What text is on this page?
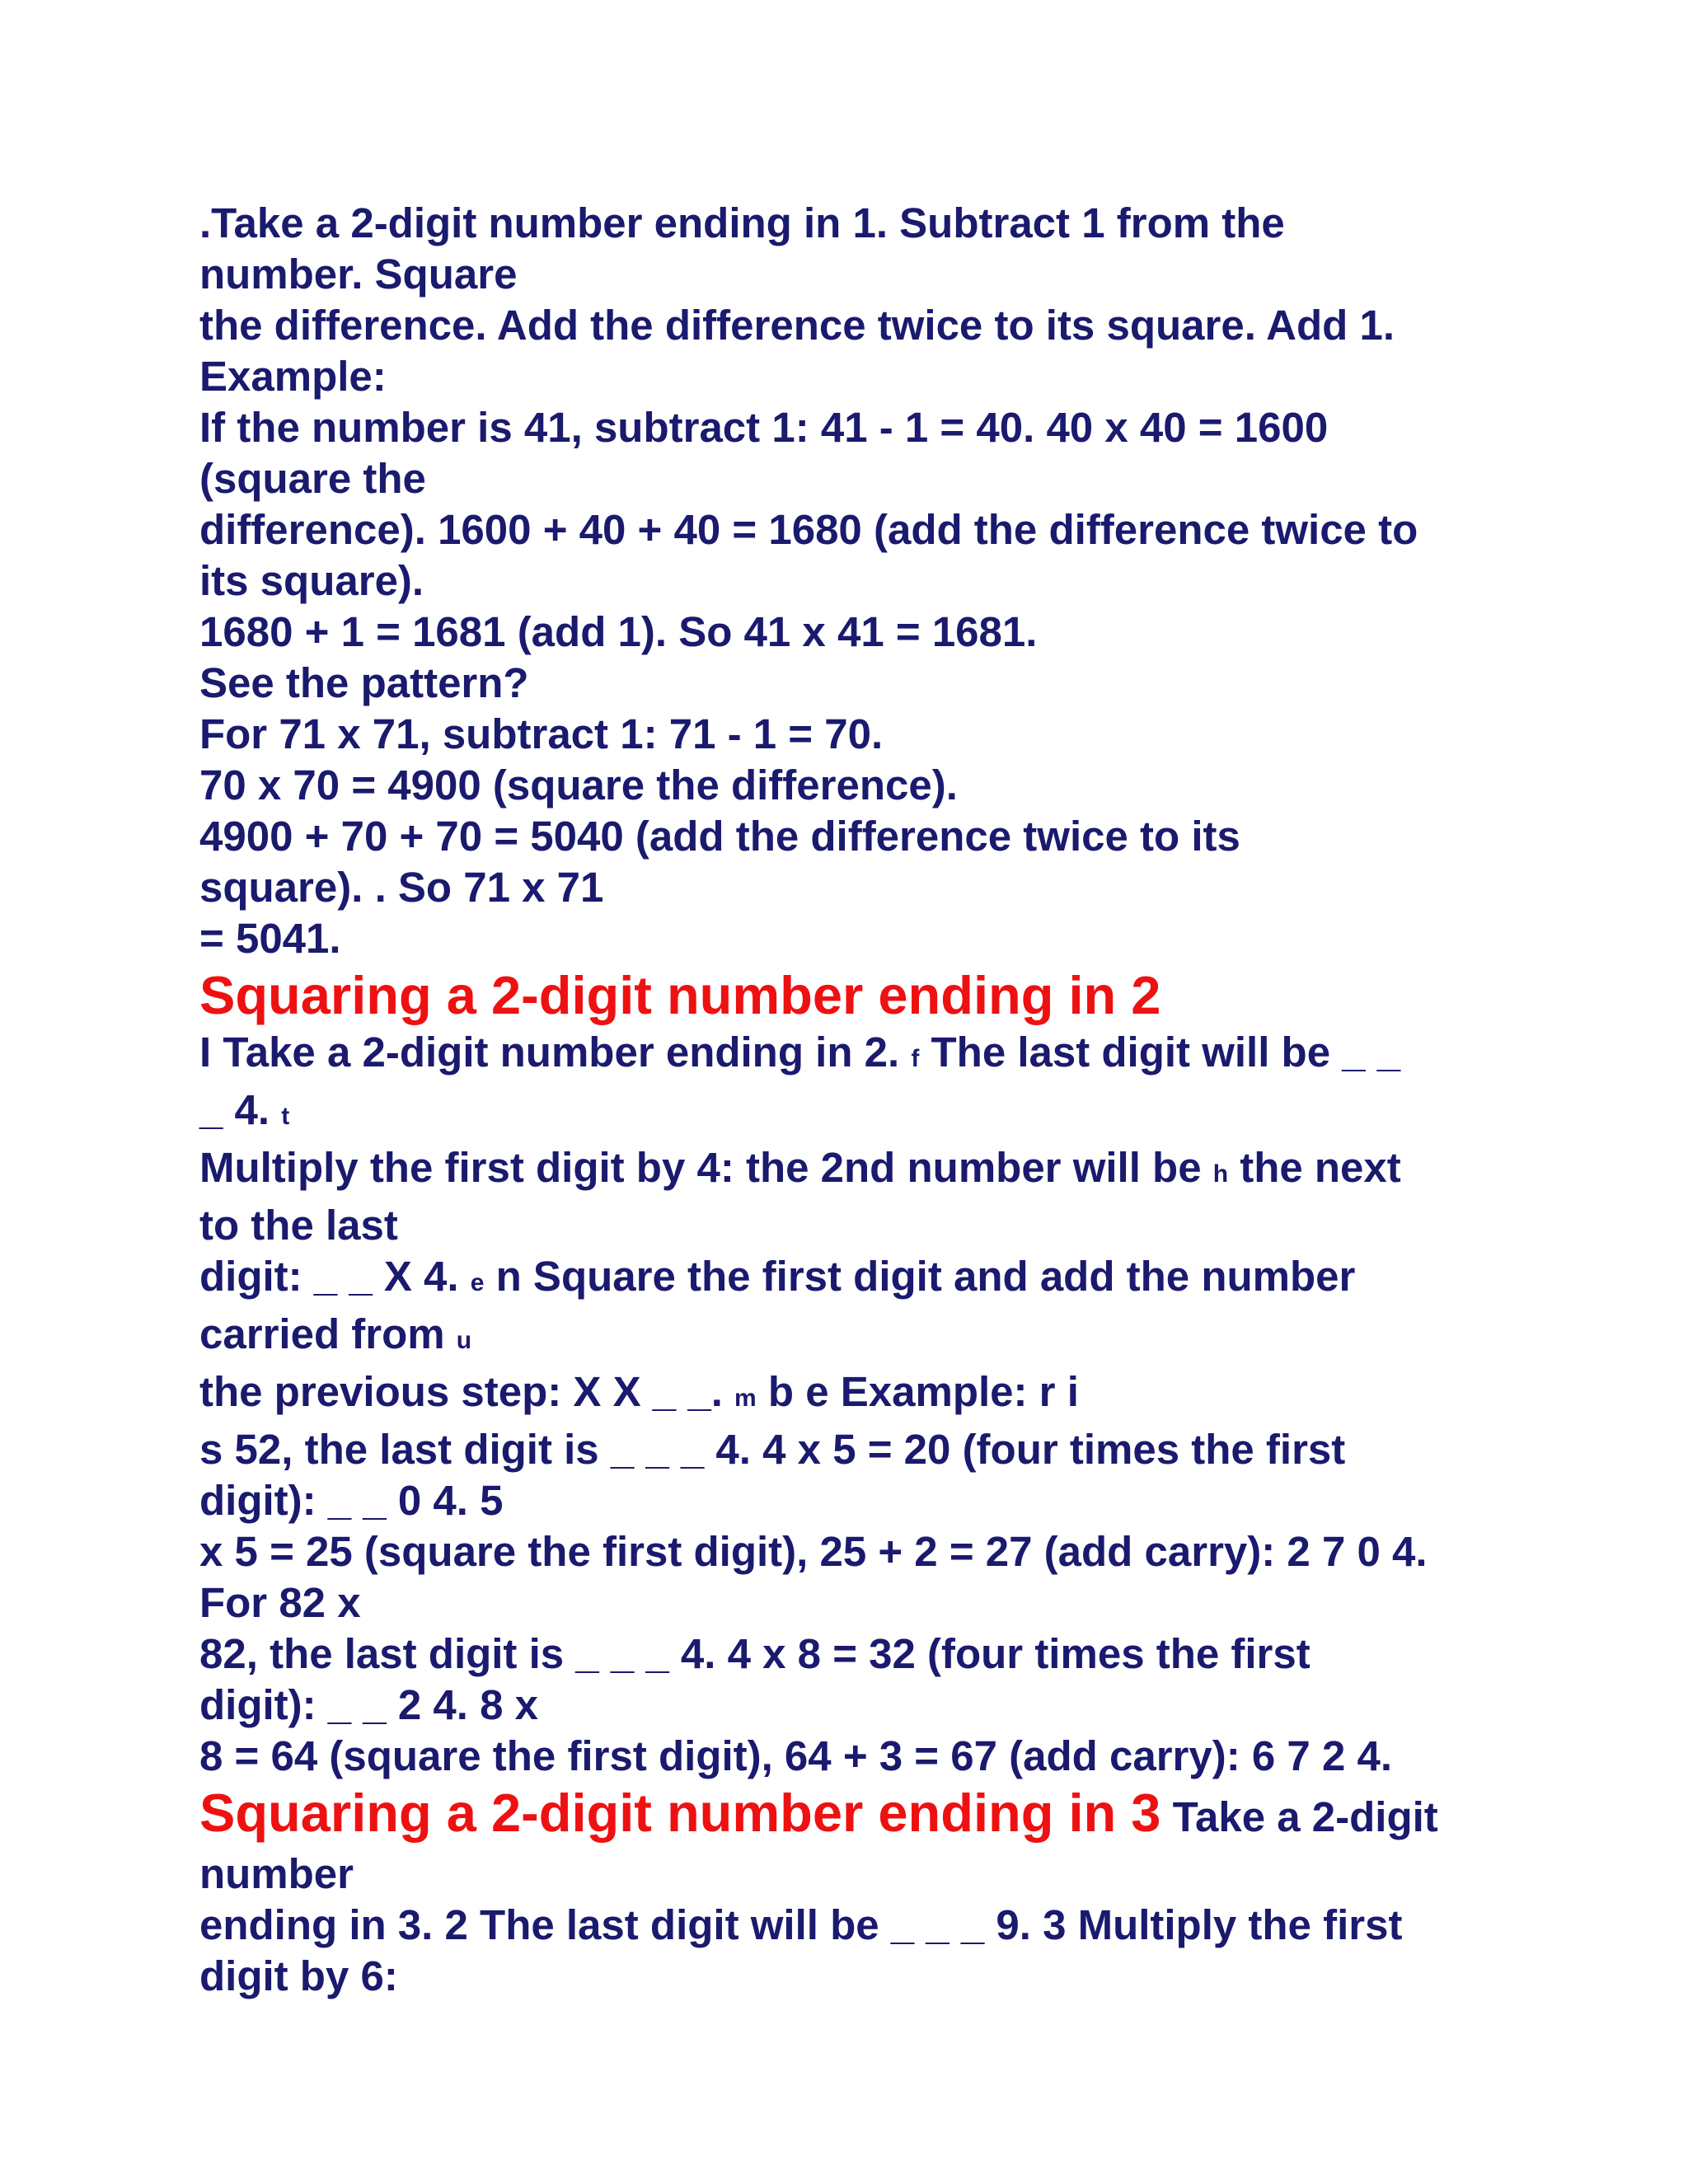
.Take a 2-digit number ending in 1. Subtract 1 from the
number. Square
the difference. Add the difference twice to its square. Add 1.
Example:
If the number is 41, subtract 1: 41 - 1 = 40. 40 x 40 = 1600
(square the
difference). 1600 + 40 + 40 = 1680 (add the difference twice to
its square).
1680 + 1 = 1681 (add 1). So 41 x 41 = 1681.
See the pattern?
For 71 x 71, subtract 1: 71 - 1 = 70.
70 x 70 = 4900 (square the difference).
4900 + 70 + 70 = 5040 (add the difference twice to its
square). . So 71 x 71
= 5041.
Squaring a 2-digit number ending in 2
I Take a 2-digit number ending in 2. f The last digit will be _ _
_ 4. t
Multiply the first digit by 4: the 2nd number will be h the next
to the last
digit: _ _ X 4. e n Square the first digit and add the number
carried from u
the previous step: X X _ _. m b e Example: r i
s 52, the last digit is _ _ _ 4. 4 x 5 = 20 (four times the first
digit): _ _ 0 4. 5
x 5 = 25 (square the first digit), 25 + 2 = 27 (add carry): 2 7 0 4.
For 82 x
82, the last digit is _ _ _ 4. 4 x 8 = 32 (four times the first
digit): _ _ 2 4. 8 x
8 = 64 (square the first digit), 64 + 3 = 67 (add carry): 6 7 2 4.
Squaring a 2-digit number ending in 3 Take a 2-digit
number
ending in 3. 2 The last digit will be _ _ _ 9. 3 Multiply the first
digit by 6:
